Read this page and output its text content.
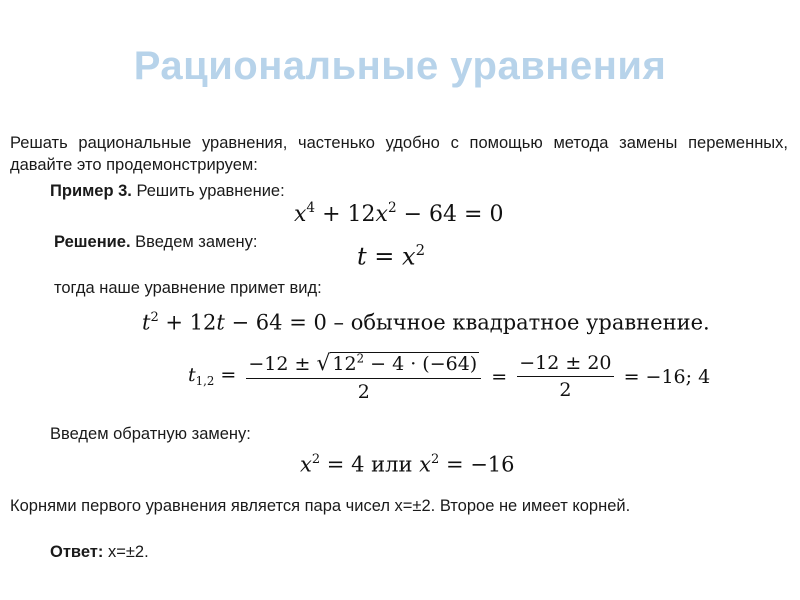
Рациональные уравнения
Решать рациональные уравнения, частенько удобно с помощью метода замены переменных, давайте это продемонстрируем:
Пример 3. Решить уравнение:
$x^4 + 12x^2 - 64 = 0$
Решение. Введем замену:
$t = x^2$
тогда наше уравнение примет вид:
$t^2 + 12t - 64 = 0$ – обычное квадратное уравнение.
$t_{1,2} = \frac{-12 \pm √ 12^2 - 4 \cdot (-64)}{2} = \frac{-12 \pm 20}{2} = -16$; 4
Введем обратную замену:
$x^2 = 4$ или $x^2 = -16$
Корнями первого уравнения является пара чисел x=±2. Второе не имеет корней.
Ответ: x=±2.
